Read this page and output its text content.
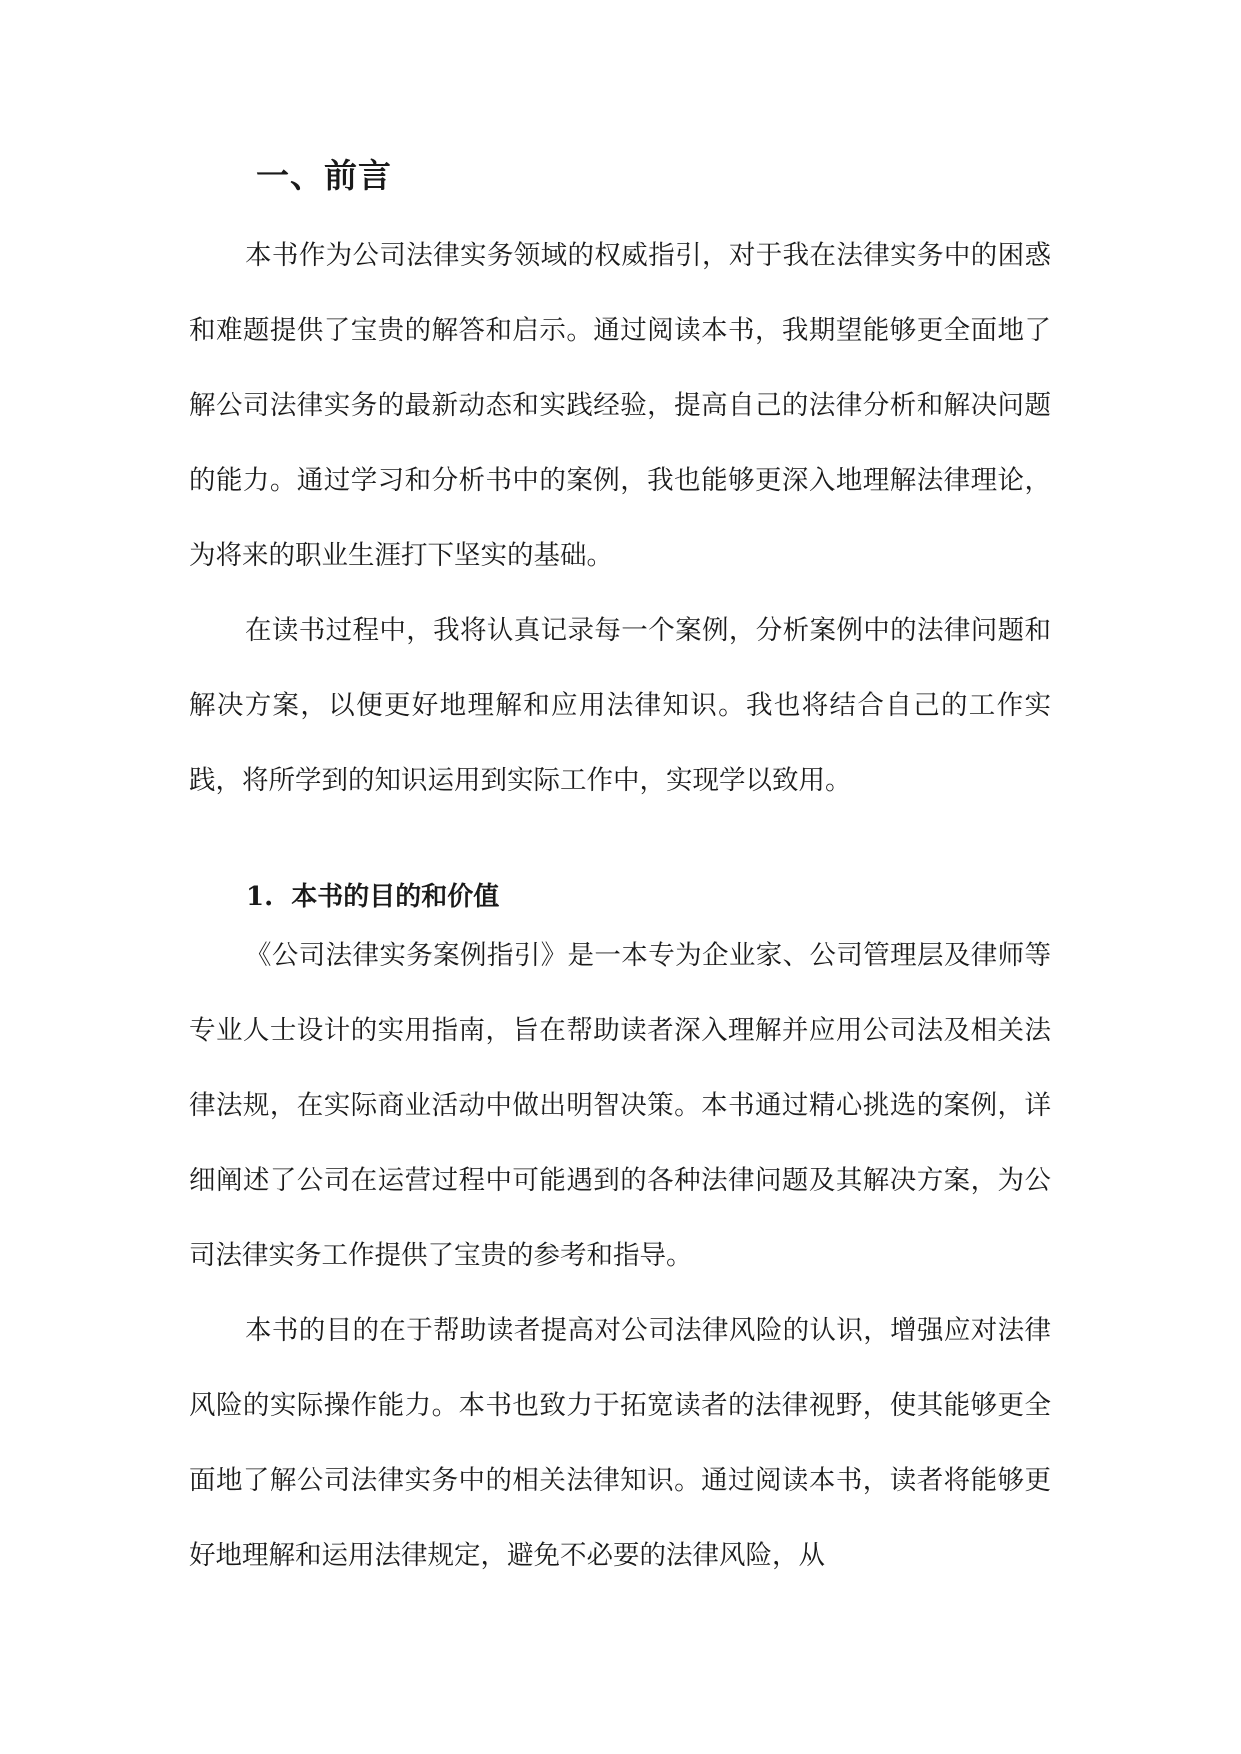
一、前言

本书作为公司法律实务领域的权威指引，对于我在法律实务中的困惑和难题提供了宝贵的解答和启示。通过阅读本书，我期望能够更全面地了解公司法律实务的最新动态和实践经验，提高自己的法律分析和解决问题的能力。通过学习和分析书中的案例，我也能够更深入地理解法律理论，为将来的职业生涯打下坚实的基础。

在读书过程中，我将认真记录每一个案例，分析案例中的法律问题和解决方案，以便更好地理解和应用法律知识。我也将结合自己的工作实践，将所学到的知识运用到实际工作中，实现学以致用。

1.  本书的目的和价值

《公司法律实务案例指引》是一本专为企业家、公司管理层及律师等专业人士设计的实用指南，旨在帮助读者深入理解并应用公司法及相关法律法规，在实际商业活动中做出明智决策。本书通过精心挑选的案例，详细阐述了公司在运营过程中可能遇到的各种法律问题及其解决方案，为公司法律实务工作提供了宝贵的参考和指导。

本书的目的在于帮助读者提高对公司法律风险的认识，增强应对法律风险的实际操作能力。本书也致力于拓宽读者的法律视野，使其能够更全面地了解公司法律实务中的相关法律知识。通过阅读本书，读者将能够更好地理解和运用法律规定，避免不必要的法律风险，从
